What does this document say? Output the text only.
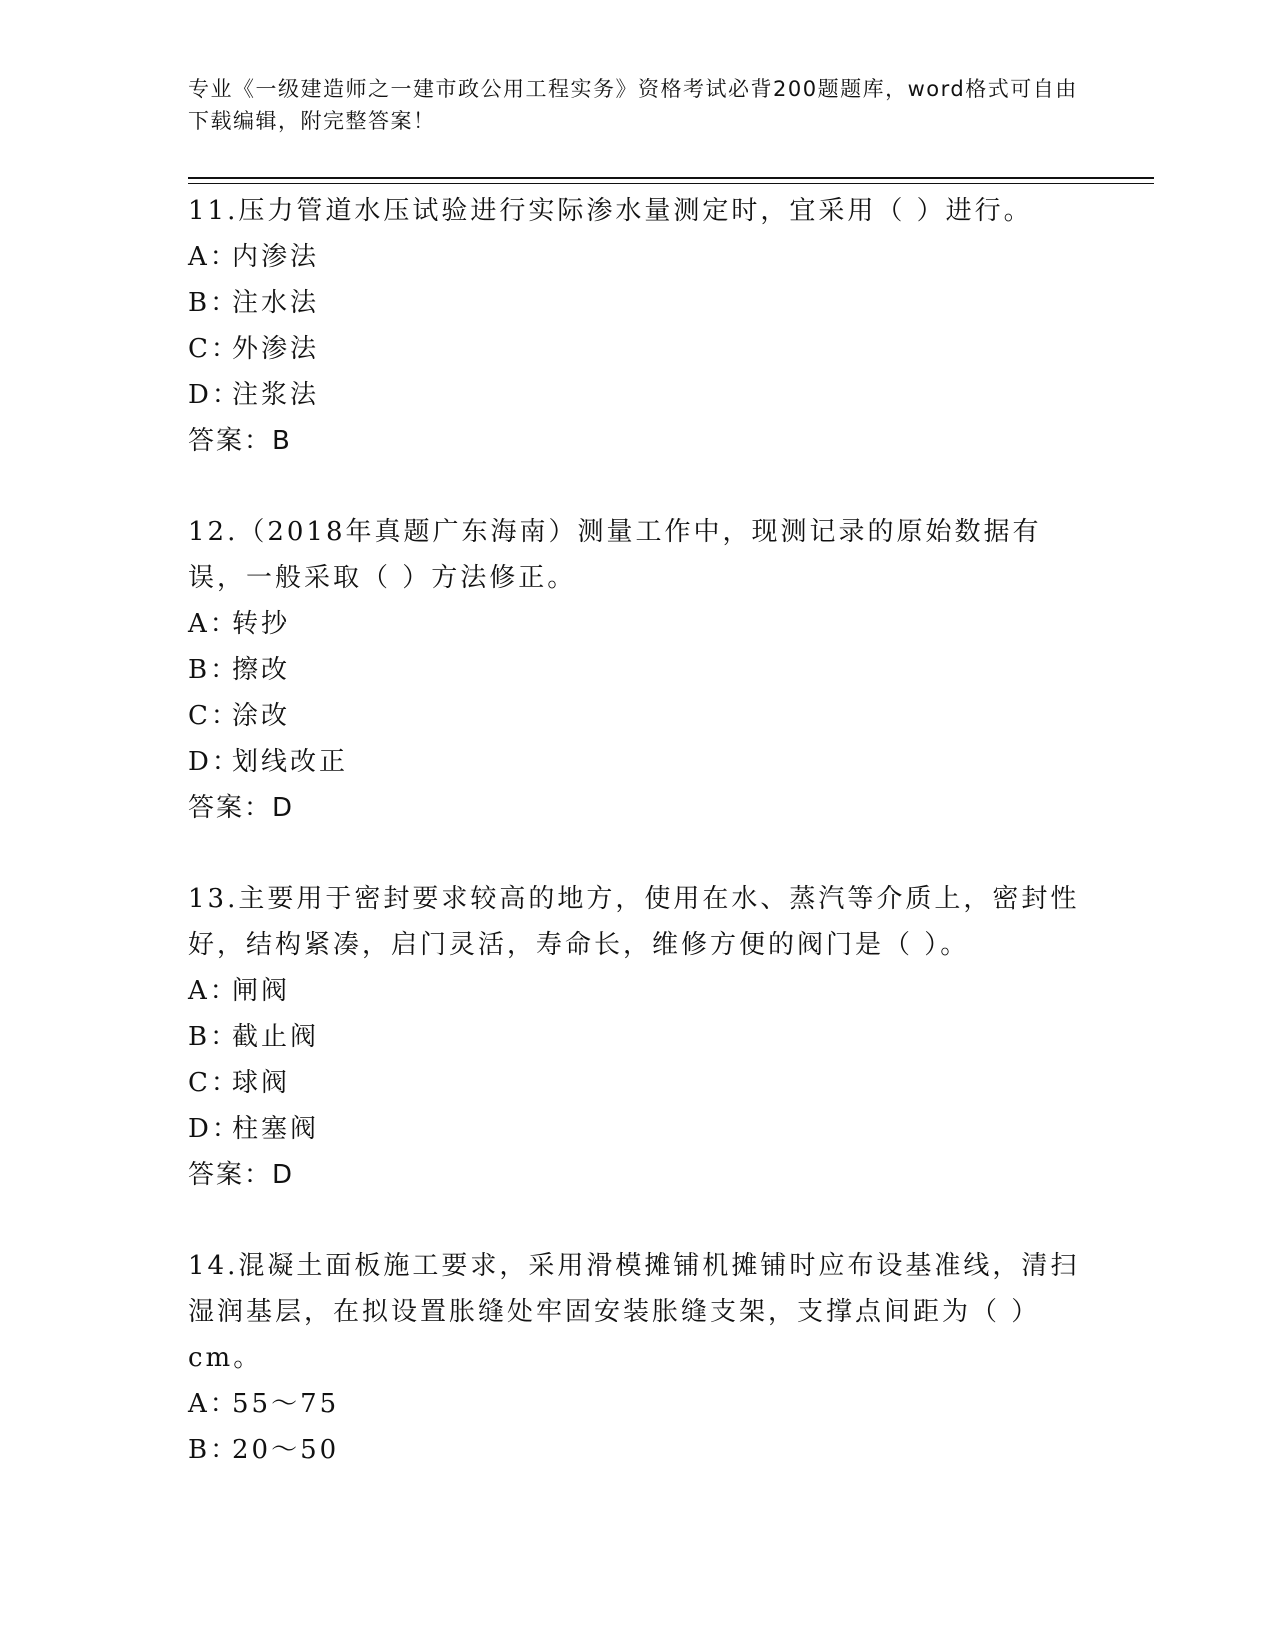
专业《一级建造师之一建市政公用工程实务》资格考试必背200题题库，word格式可自由下载编辑，附完整答案！

11.压力管道水压试验进行实际渗水量测定时，宜采用（ ）进行。

A：
内渗法
B：
注水法
C：
外渗法
D：
注浆法

答案：B

12.（2018年真题广东海南）测量工作中，现测记录的原始数据有误，一般采取（ ）方法修正。

A：
转抄
B：
擦改
C：
涂改
D：
划线改正

答案：D

13.主要用于密封要求较高的地方，使用在水、蒸汽等介质上，密封性好，结构紧凑，启门灵活，寿命长，维修方便的阀门是（ ）。

A：
闸阀
B：
截止阀
C：
球阀
D：
柱塞阀

答案：D

14.混凝土面板施工要求，采用滑模摊铺机摊铺时应布设基准线，清扫湿润基层，在拟设置胀缝处牢固安装胀缝支架，支撑点间距为（ ）cm。

A：
55～75
B：
20～50
